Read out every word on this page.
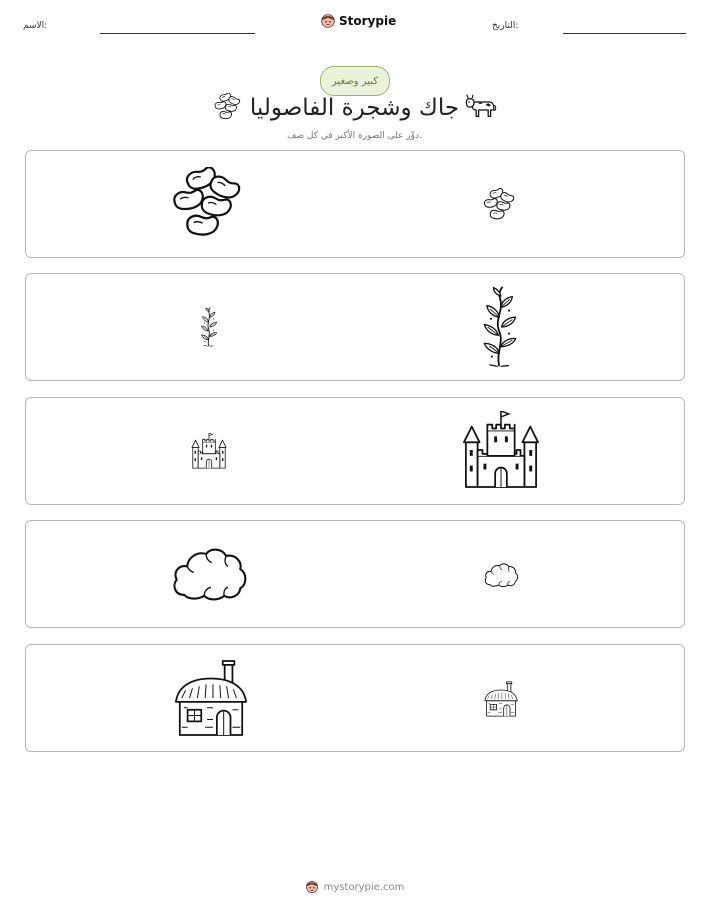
الاسم:	Storypie	التاريخ:
كبير وصغير
جاك وشجرة الفاصوليا
دوِّر على الصورة الأكبر في كل صف.
mystorypie.com
